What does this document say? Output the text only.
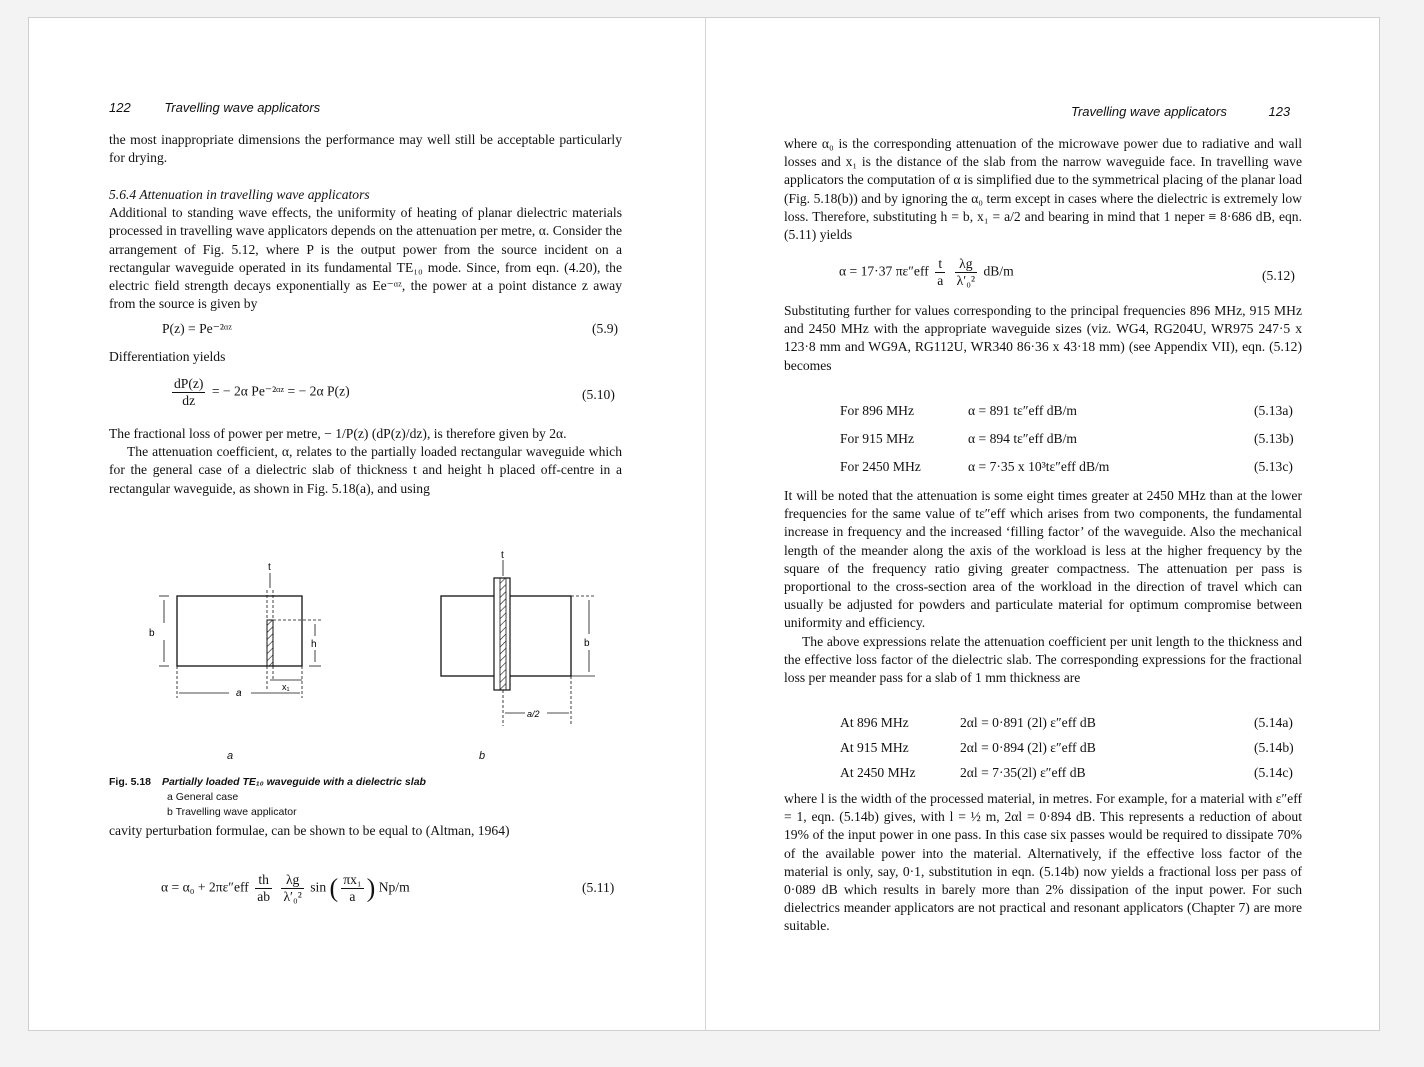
122	Travelling wave applicators

the most inappropriate dimensions the performance may well still be acceptable particularly for drying.

5.6.4 Attenuation in travelling wave applicators

Additional to standing wave effects, the uniformity of heating of planar dielectric materials processed in travelling wave applicators depends on the attenuation per metre, α. Consider the arrangement of Fig. 5.12, where P is the output power from the source incident on a rectangular waveguide operated in its fundamental TE₁₀ mode. Since, from eqn. (4.20), the electric field strength decays exponentially as Ee⁻ᵅᶻ, the power at a point distance z away from the source is given by

P(z) = Pe⁻²ᵅᶻ	(5.9)

Differentiation yields

$\frac{dP(z)}{dz}$ = − 2α Pe⁻²ᵅᶻ = − 2α P(z)	(5.10)

The fractional loss of power per metre, − 1/P(z) (dP(z)/dz), is therefore given by 2α.

The attenuation coefficient, α, relates to the partially loaded rectangular waveguide which for the general case of a dielectric slab of thickness t and height h placed off-centre in a rectangular waveguide, as shown in Fig. 5.18(a), and using

t
b
h
x₁
a
t
b
a/2
a	b
Fig. 5.18 Partially loaded TE₁₀ waveguide with a dielectric slab
a General case
b Travelling wave applicator

cavity perturbation formulae, can be shown to be equal to (Altman, 1964)

$\alpha = \alpha_0 + 2\pi\varepsilon''eff \frac{th}{ab}$
$\frac{\lambda g}{\text{λ′₀²}}$ sin ( $\frac{\text{πx₁}}{a}$ ) Np/m	(5.11)
Travelling wave applicators	123

where α₀ is the corresponding attenuation of the microwave power due to radiative and wall losses and x₁ is the distance of the slab from the narrow waveguide face. In travelling wave applicators the computation of α is simplified due to the symmetrical placing of the planar load (Fig. 5.18(b)) and by ignoring the α₀ term except in cases where the dielectric is extremely low loss. Therefore, substituting h = b, x₁ = a/2 and bearing in mind that 1 neper ≡ 8·686 dB, eqn. (5.11) yields

α = 17·37 $\pi\varepsilon''eff \frac{t}{a}$
$\frac{\lambda g}{\text{λ′₀²}} dB/m$	(5.12)

Substituting further for values corresponding to the principal frequencies 896 MHz, 915 MHz and 2450 MHz with the appropriate waveguide sizes (viz. WG4, RG204U, WR975 247·5 x 123·8 mm and WG9A, RG112U, WR340 86·36 x 43·18 mm) (see Appendix VII), eqn. (5.12) becomes

For 896 MHz	α = 891 tε″eff dB/m	(5.13a)
For 915 MHz	α = 894 tε″eff dB/m	(5.13b)
For 2450 MHz	α = 7·35 x 10³tε″eff dB/m	(5.13c)

It will be noted that the attenuation is some eight times greater at 2450 MHz than at the lower frequencies for the same value of tε″eff which arises from two components, the fundamental increase in frequency and the increased ‘filling factor’ of the waveguide. Also the mechanical length of the meander along the axis of the workload is less at the higher frequency by the square of the frequency ratio giving greater compactness. The attenuation per pass is proportional to the cross-section area of the workload in the direction of travel which can usually be adjusted for powders and particulate material for optimum compromise between uniformity and efficiency.

The above expressions relate the attenuation coefficient per unit length to the thickness and the effective loss factor of the dielectric slab. The corresponding expressions for the fractional loss per meander pass for a slab of 1 mm thickness are

At 896 MHz	2αl = 0·891 (2l) ε″eff dB	(5.14a)
At 915 MHz	2αl = 0·894 (2l) ε″eff dB	(5.14b)
At 2450 MHz	2αl = 7·35(2l) ε″eff dB	(5.14c)

where l is the width of the processed material, in metres. For example, for a material with ε″eff = 1, eqn. (5.14b) gives, with l = ½ m, 2αl = 0·894 dB. This represents a reduction of about 19% of the input power in one pass. In this case six passes would be required to dissipate 70% of the available power into the material. Alternatively, if the effective loss factor of the material is only, say, 0·1, substitution in eqn. (5.14b) now yields a fractional loss per pass of 0·089 dB which results in barely more than 2% dissipation of the input power. For such dielectrics meander applicators are not practical and resonant applicators (Chapter 7) are more suitable.
